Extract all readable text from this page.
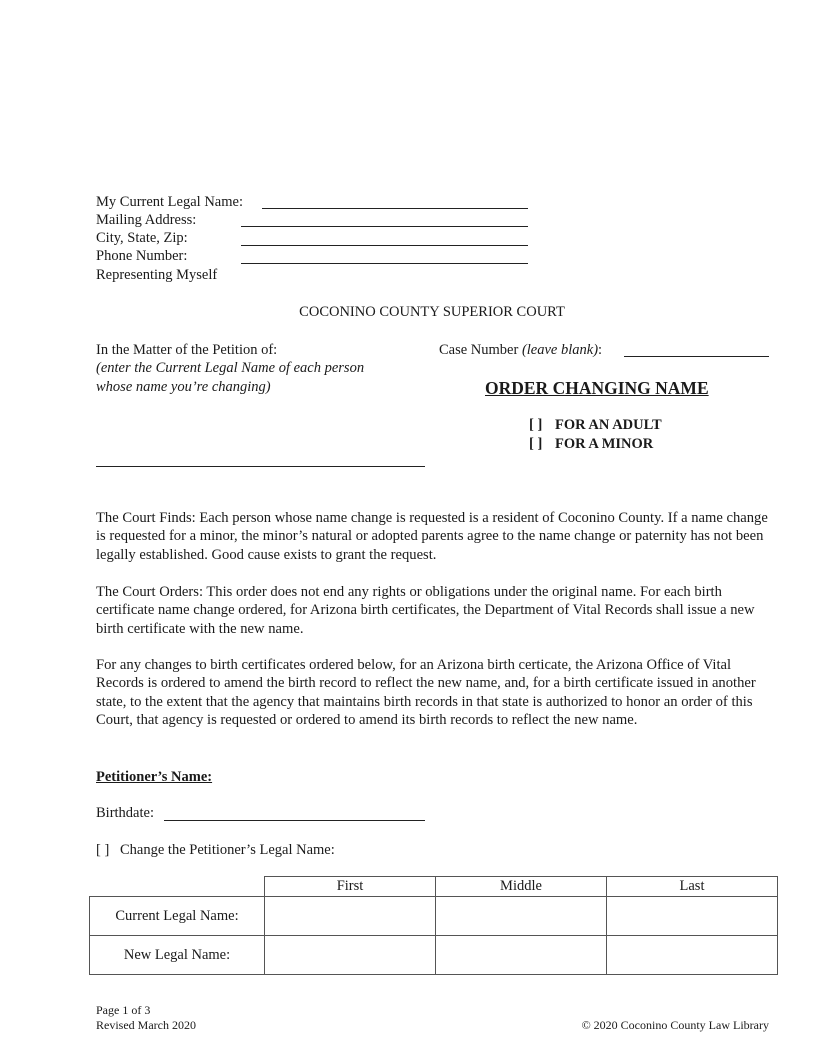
My Current Legal Name:
Mailing Address:
City, State, Zip:
Phone Number:
Representing Myself
COCONINO COUNTY SUPERIOR COURT
In the Matter of the Petition of:
(enter the Current Legal Name of each person
whose name you’re changing)
Case Number (leave blank):
ORDER CHANGING NAME
[ ] FOR AN ADULT
[ ] FOR A MINOR
The Court Finds: Each person whose name change is requested is a resident of Coconino County. If a name change is requested for a minor, the minor’s natural or adopted parents agree to the name change or paternity has not been legally established. Good cause exists to grant the request.
The Court Orders: This order does not end any rights or obligations under the original name. For each birth certificate name change ordered, for Arizona birth certificates, the Department of Vital Records shall issue a new birth certificate with the new name.
For any changes to birth certificates ordered below, for an Arizona birth certicate, the Arizona Office of Vital Records is ordered to amend the birth record to reflect the new name, and, for a birth certificate issued in another state, to the extent that the agency that maintains birth records in that state is authorized to honor an order of this Court, that agency is requested or ordered to amend its birth records to reflect the new name.
Petitioner’s Name:
Birthdate:
[ ] Change the Petitioner’s Legal Name:
	First	Middle	Last
Current Legal Name:			
New Legal Name:			
Page 1 of 3
Revised March 2020	© 2020 Coconino County Law Library
